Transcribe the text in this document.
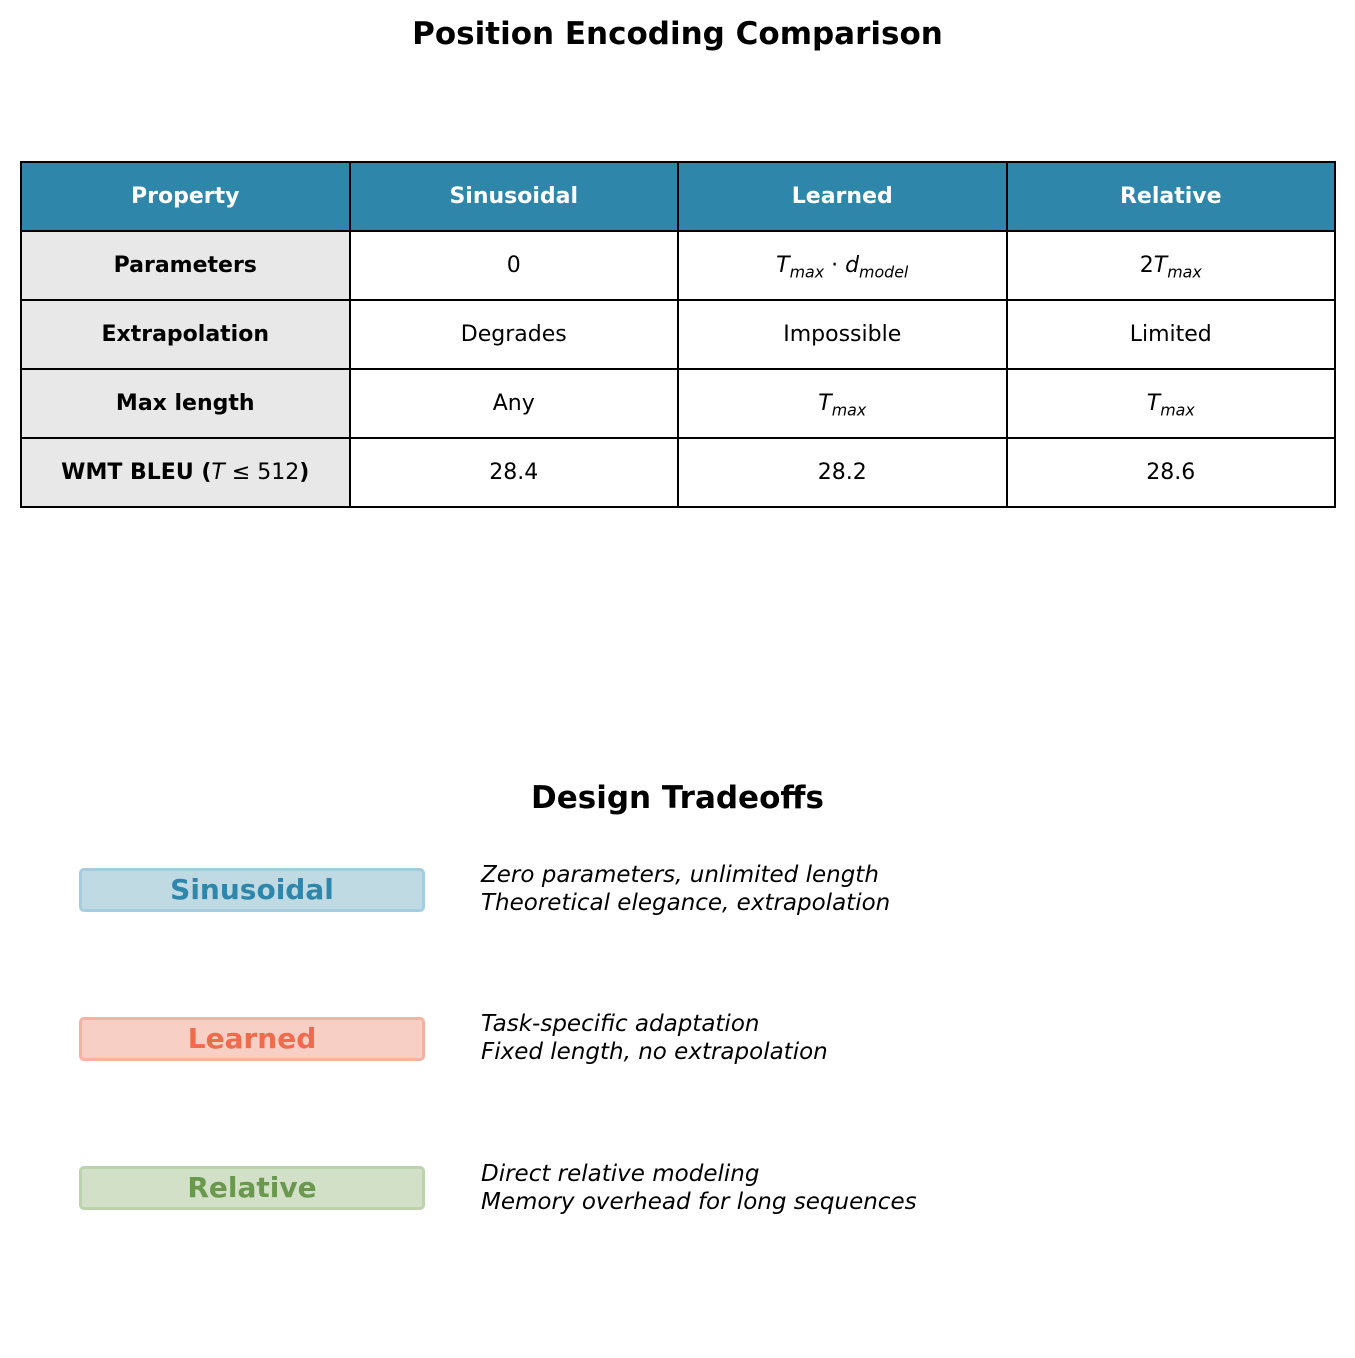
Position Encoding Comparison
Property	Sinusoidal	Learned	Relative
Parameters	0	$T_{max} \cdot d_{model}$	$2T_{max}$
Extrapolation	Degrades	Impossible	Limited
Max length	Any	$T_{max}$	$T_{max}$
WMT BLEU (T ≤ 512)	28.4	28.2	28.6
Design Tradeoffs
Sinusoidal	Zero parameters, unlimited length
Theoretical elegance, extrapolation
Learned	Task-specific adaptation
Fixed length, no extrapolation
Relative	Direct relative modeling
Memory overhead for long sequences
